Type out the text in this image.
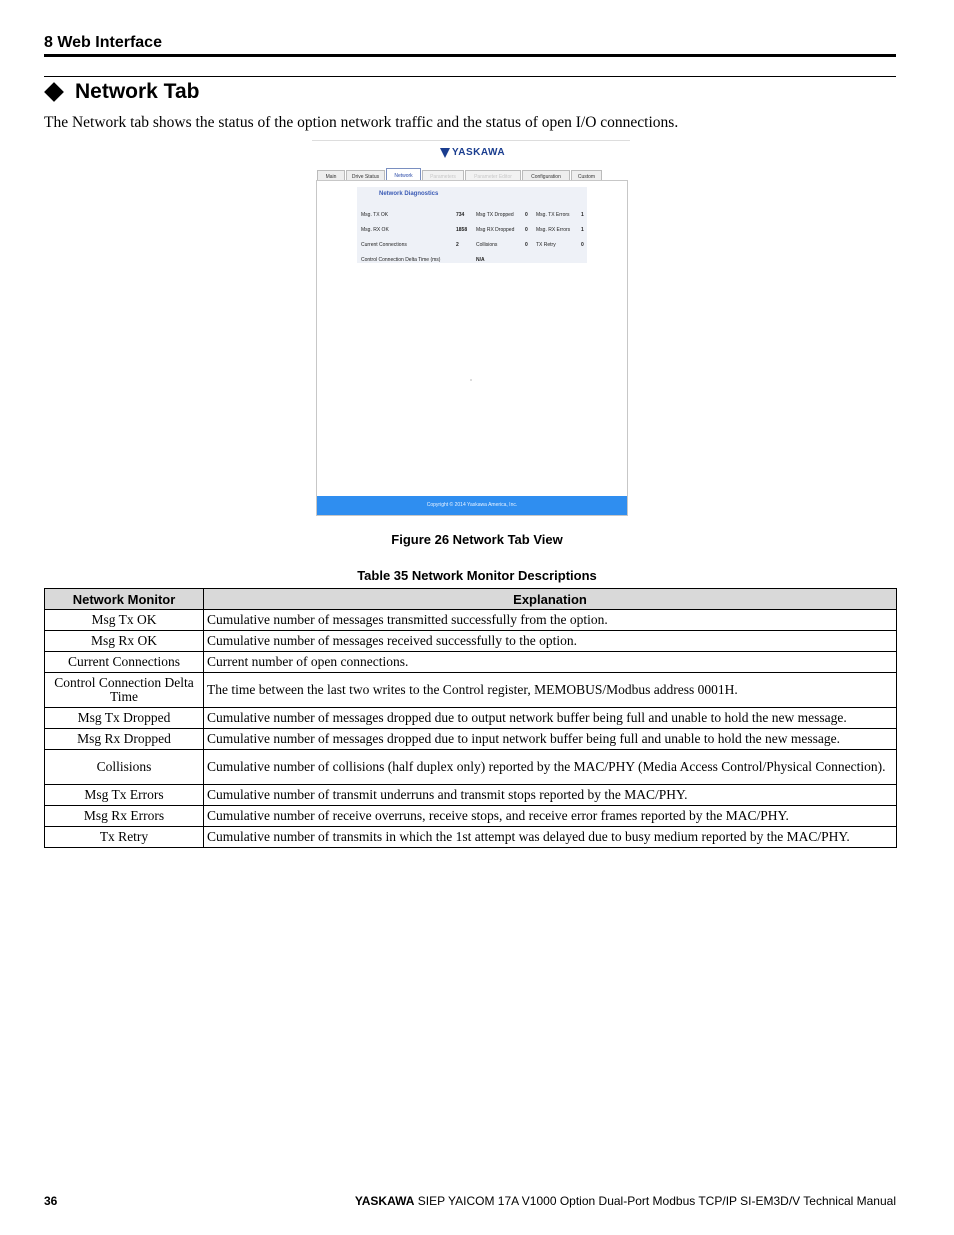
8 Web Interface
Network Tab
The Network tab shows the status of the option network traffic and the status of open I/O connections.
YASKAWA
Main	Drive Status	Network	Parameters	Parameter Editor	Configuration	Custom
Network Diagnostics
Msg. TX OK	734 Msg TX Dropped 0 Msg. TX Errors 1
Msg. RX OK	1858 Msg RX Dropped 0 Msg. RX Errors 1
Current Connections	2	Collisions	0 TX Retry	0
Control Connection Delta Time (ms)	N/A
Copyright © 2014 Yaskawa America, Inc.
Figure 26 Network Tab View
Table 35 Network Monitor Descriptions
Network Monitor	Explanation
Msg Tx OK	Cumulative number of messages transmitted successfully from the option.
Msg Rx OK	Cumulative number of messages received successfully to the option.
Current Connections	Current number of open connections.
Control Connection Delta Time	The time between the last two writes to the Control register, MEMOBUS/Modbus address 0001H.
Msg Tx Dropped	Cumulative number of messages dropped due to output network buffer being full and unable to hold the new message.
Msg Rx Dropped	Cumulative number of messages dropped due to input network buffer being full and unable to hold the new message.
Collisions	Cumulative number of collisions (half duplex only) reported by the MAC/PHY (Media Access Control/Physical Connection).
Msg Tx Errors	Cumulative number of transmit underruns and transmit stops reported by the MAC/PHY.
Msg Rx Errors	Cumulative number of receive overruns, receive stops, and receive error frames reported by the MAC/PHY.
Tx Retry	Cumulative number of transmits in which the 1st attempt was delayed due to busy medium reported by the MAC/PHY.
36	YASKAWA SIEP YAICOM 17A V1000 Option Dual-Port Modbus TCP/IP SI-EM3D/V Technical Manual
